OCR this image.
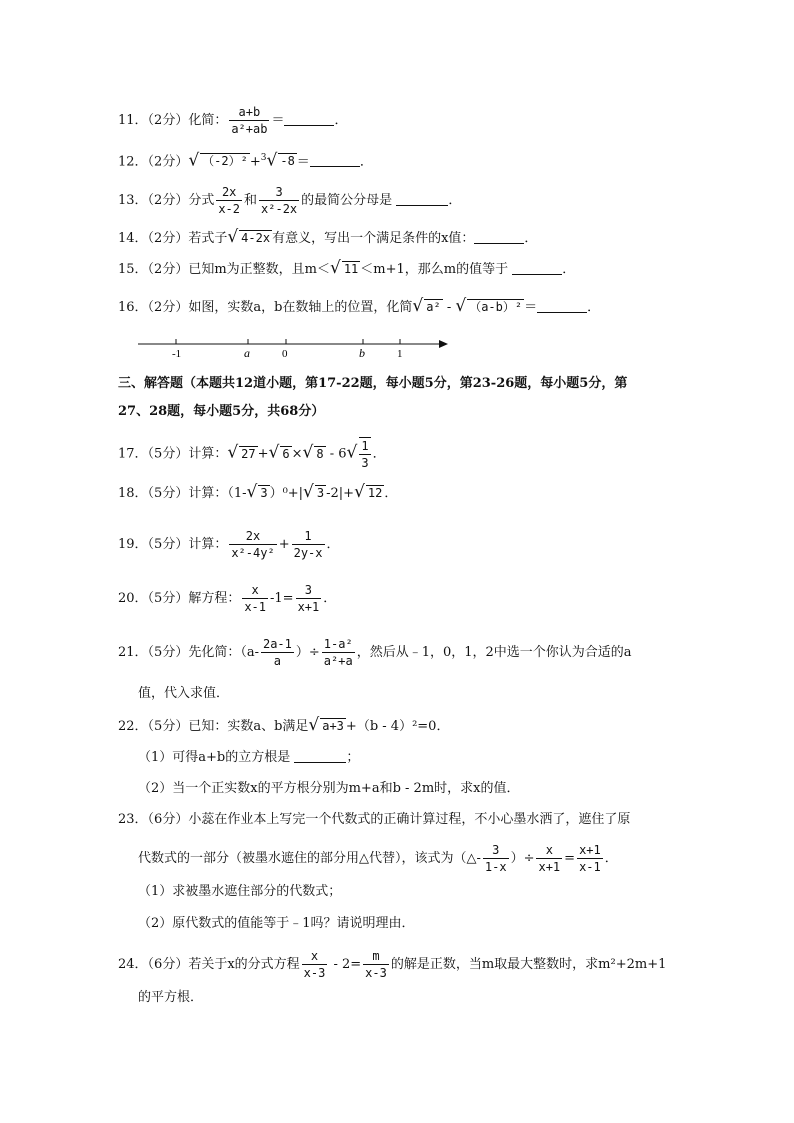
11．（2分）化简： $\frac{a+b}{\text{a²+ab}}$ ＝	．
12．（2分）√ （-2）² +$^3$√ -8 ＝	．
13．（2分）分式 $\frac{2x}{x-2}$ 和 $\frac{3}{\text{x²-2x}}$ 的最简公分母是	．
14．（2分）若式子√ 4-2x 有意义，写出一个满足条件的x值：	．
15．（2分）已知m为正整数，且m＜√ 11 ＜m+1，那么m的值等于	．
16．（2分）如图，实数a，b在数轴上的位置，化简√ a² - √ （a-b）² ＝	．
-1	a	0	b	1
三、解答题（本题共12道小题，第17-22题，每小题5分，第23-26题，每小题5分，第
27、28题，每小题5分，共68分）
17．（5分）计算：√ 27 +√ 6 ×√ $8 - 6√ \frac{1}{3}$ ．
18．（5分）计算：（1-√ 3 ）⁰+|√ 3 -2|+√ 12 ．
19．（5分）计算： $\frac{2x}{\text{x²-4y²}} + \frac{1}{2y-x}$ ．
20．（5分）解方程： $\frac{x}{x-1} -1= \frac{3}{x+1}$ ．
21．（5分）先化简：（$a- \frac{2a-1}{a}$ ）÷ $\frac{\text{1-a²}}{\text{a²+a}}$ ，然后从﹣1，0，1，2中选一个你认为合适的a
值，代入求值．
22．（5分）已知：实数a、b满足√ a+3 +（b - 4）²=0．
（1）可得a+b的立方根是	；
（2）当一个正实数x的平方根分别为m+a和b - 2m时，求x的值．
23．（6分）小蕊在作业本上写完一个代数式的正确计算过程，不小心墨水洒了，遮住了原
代数式的一部分（被墨水遮住的部分用△代替），该式为（△- $\frac{3}{1-x}$ ）÷ $\frac{x}{x+1} = \frac{x+1}{x-1}$ ．
（1）求被墨水遮住部分的代数式；
（2）原代数式的值能等于﹣1吗？请说明理由．
24．（6分）若关于x的分式方程 $\frac{x}{x-3} - 2= \frac{m}{x-3}$ 的解是正数，当m取最大整数时，求m²+2m+1
的平方根．
